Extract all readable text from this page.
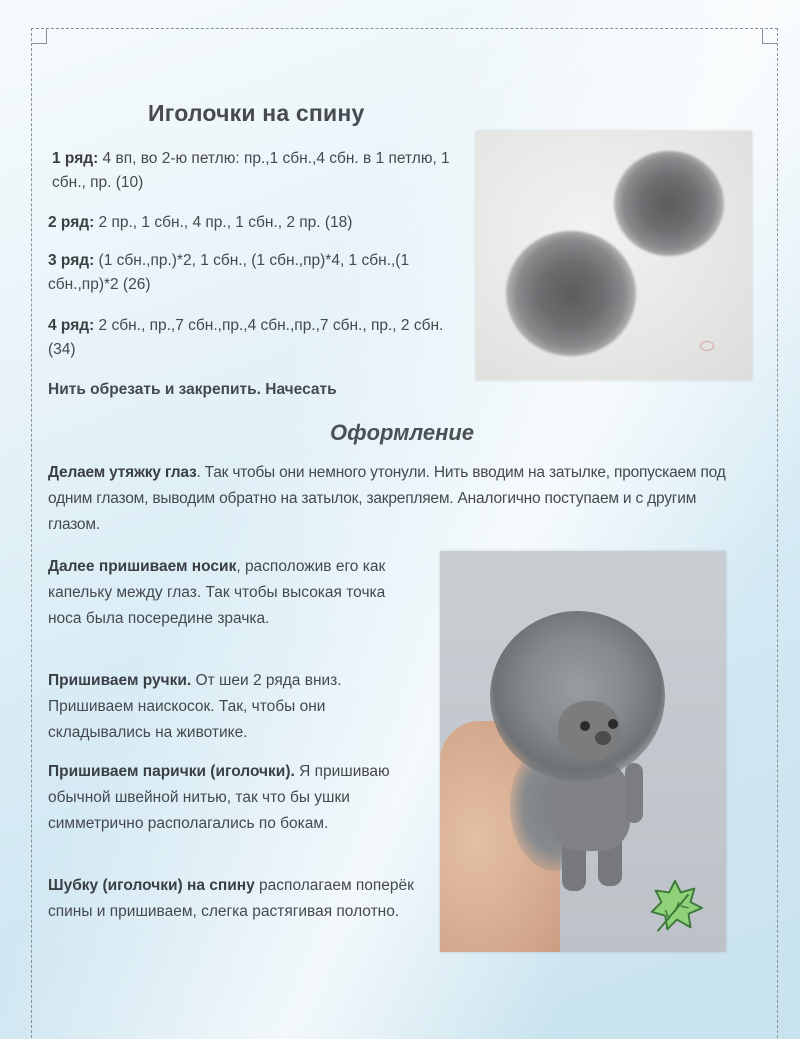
Иголочки на спину

1 ряд: 4 вп, во 2-ю петлю: пр.,1 сбн.,4 сбн. в 1 петлю, 1 сбн., пр. (10)

2 ряд: 2 пр., 1 сбн., 4 пр., 1 сбн., 2 пр. (18)

3 ряд: (1 сбн.,пр.)*2, 1 сбн., (1 сбн.,пр)*4, 1 сбн.,(1 сбн.,пр)*2 (26)

4 ряд: 2 сбн., пр.,7 сбн.,пр.,4 сбн.,пр.,7 сбн., пр., 2 сбн. (34)

Нить обрезать и закрепить. Начесать

Оформление

Делаем утяжку глаз. Так чтобы они немного утонули. Нить вводим на затылке, пропускаем под одним глазом, выводим обратно на затылок, закрепляем. Аналогично поступаем и с другим глазом.

Далее пришиваем носик, расположив его как капельку между глаз. Так чтобы высокая точка носа была посередине зрачка.

Пришиваем ручки. От шеи 2 ряда вниз. Пришиваем наискосок. Так, чтобы они складывались на животике.

Пришиваем парички (иголочки). Я пришиваю обычной швейной нитью, так что бы ушки симметрично располагались по бокам.

Шубку (иголочки) на спину располагаем поперёк спины и пришиваем, слегка растягивая полотно.
